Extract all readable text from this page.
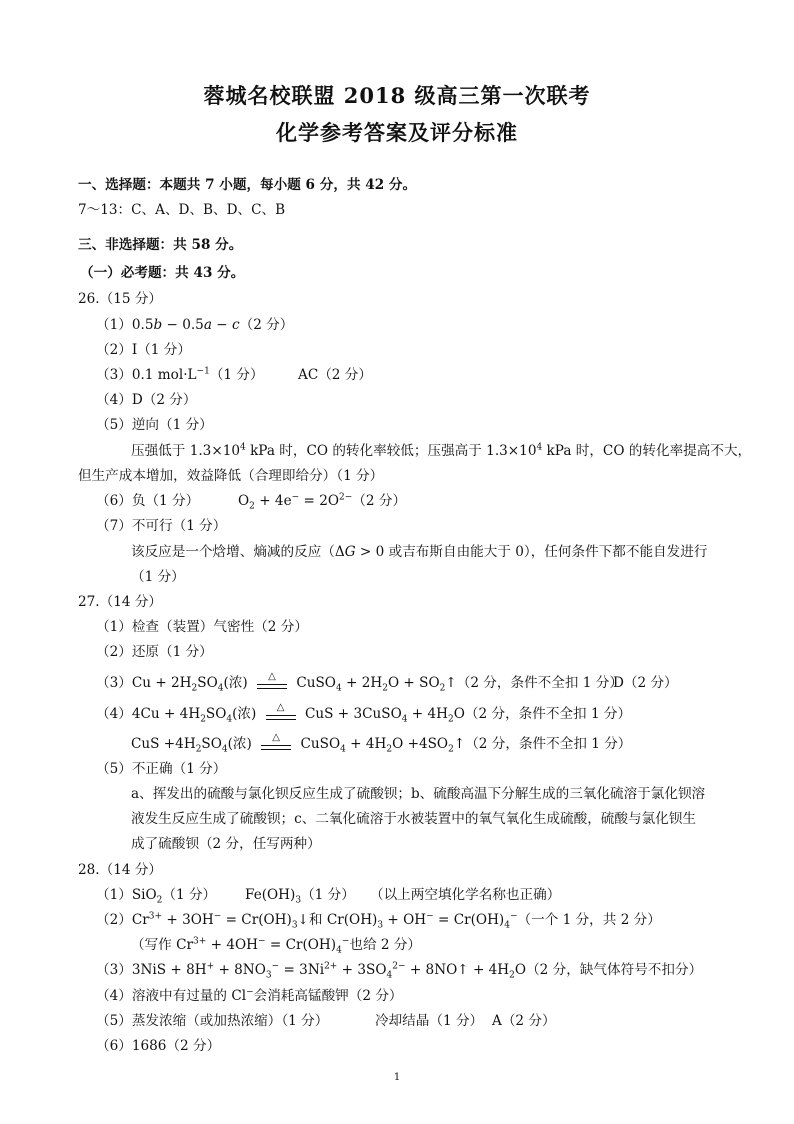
蓉城名校联盟 2018 级高三第一次联考
化学参考答案及评分标准
一、选择题：本题共 7 小题，每小题 6 分，共 42 分。
7～13：C、A、D、B、D、C、B
三、非选择题：共 58 分。
（一）必考题：共 43 分。
26.（15 分）
（1）0.5b − 0.5a − c（2 分）
（2）I（1 分）
（3）0.1 $mol\cdot L^{-1}(1$ 分）	AC（2 分）
（4）D（2 分）
（5）逆向（1 分）
压强低于 $1.3\times 10^4$ kPa 时，CO 的转化率较低；压强高于 $1.3\times 10^4$ kPa 时，CO 的转化率提高不大，
但生产成本增加，效益降低（合理即给分）（1 分）
（6）负（1 分）	$O_2 + 4e^- = 2O^{2-}(2$ 分）
（7）不可行（1 分）
该反应是一个焓增、熵减的反应（ΔG > 0 或吉布斯自由能大于 0），任何条件下都不能自发进行
（1 分）
27.（14 分）
（1）检查（装置）气密性（2 分）
（2）还原（1 分）
$(3)Cu + 2H_2SO_4$(浓)	△	CuSO$_4$ + $2H_2O$ + $SO_2↑(2$ 分，条件不全扣 1 分）
D（2 分）
$(4)4Cu + 4H_2SO_4$(浓)	△	CuS + 3CuSO$_4$ + $4H_2O(2$ 分，条件不全扣 1 分）
CuS $+4H_2SO_4$(浓)	△	CuSO$_4$ + $4H_2O$ $+4SO_2↑(2$ 分，条件不全扣 1 分）
（5）不正确（1 分）
a、挥发出的硫酸与氯化钡反应生成了硫酸钡；b、硫酸高温下分解生成的三氧化硫溶于氯化钡溶
液发生反应生成了硫酸钡；c、二氧化硫溶于水被装置中的氧气氧化生成硫酸，硫酸与氯化钡生
成了硫酸钡（2 分，任写两种）
28.（14 分）
（1）SiO$_2$（1 分） $Fe(OH)_3(1$ 分） （以上两空填化学名称也正确）
$(2)Cr^{3+} + 3OH^-$ = $Cr(OH)_3↓$和 $Cr(OH)_3 + OH^- = Cr(OH)_4^-$（一个 1 分，共 2 分）
（写作 $Cr^{3+} + 4OH^- = Cr(OH)_4^-$也给 2 分）
$(3)3NiS + 8H^+ + 8NO_3^- = 3Ni^{2+} + 3SO_4^{2-}$ + 8NO↑ + $4H_2O(2$ 分，缺气体符号不扣分）
（4）溶液中有过量的 Cl−会消耗高锰酸钾（2 分）
（5）蒸发浓缩（或加热浓缩）（1 分）	冷却结晶（1 分） A（2 分）
（6）1686（2 分）
1
